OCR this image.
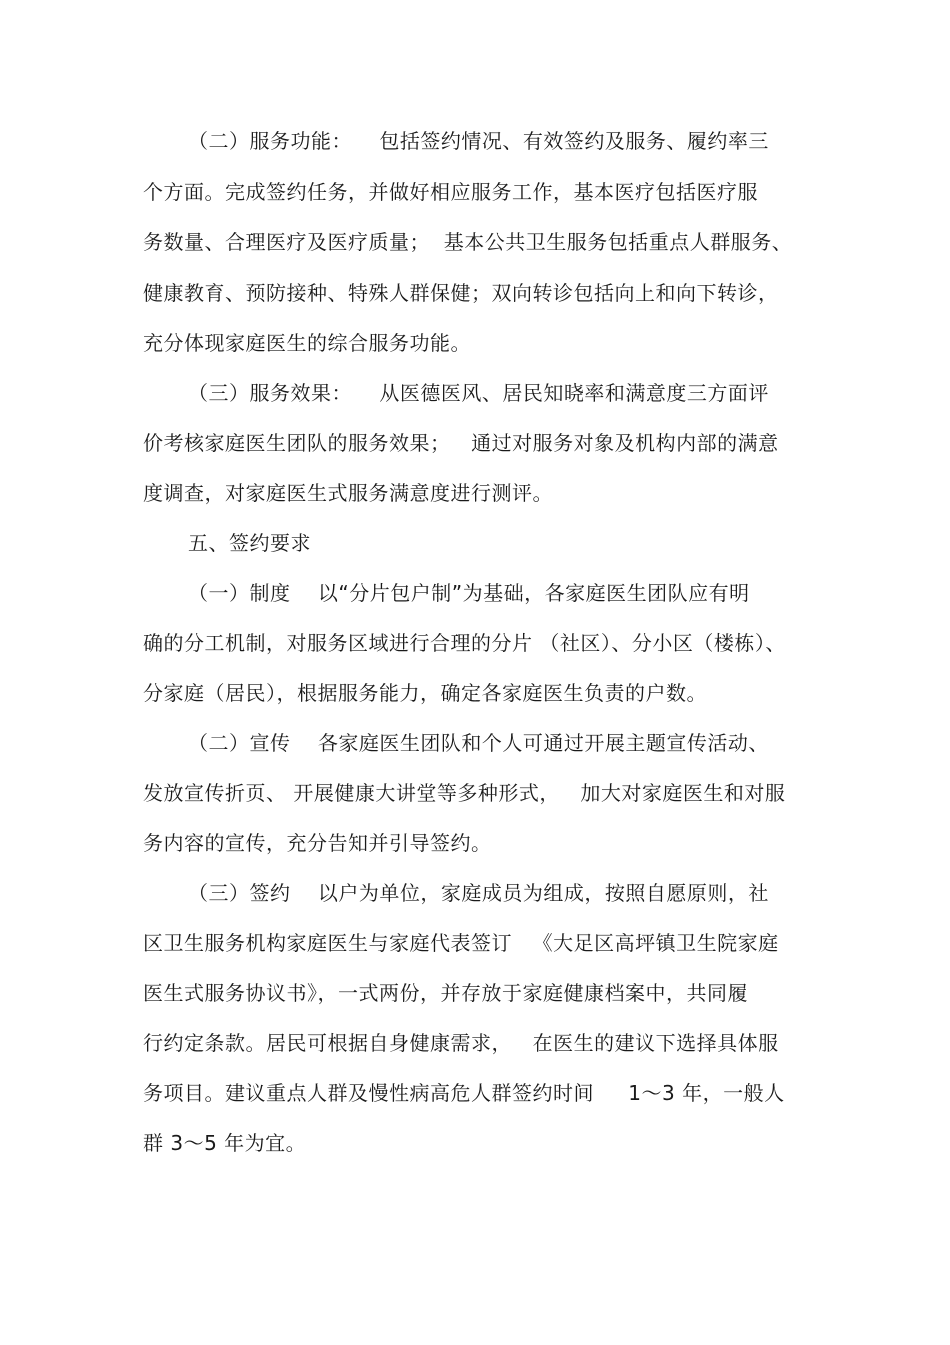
（二）服务功能：    包括签约情况、有效签约及服务、履约率三
个方面。完成签约任务，并做好相应服务工作，基本医疗包括医疗服
务数量、合理医疗及医疗质量；  基本公共卫生服务包括重点人群服务、
健康教育、预防接种、特殊人群保健；双向转诊包括向上和向下转诊，
充分体现家庭医生的综合服务功能。
（三）服务效果：    从医德医风、居民知晓率和满意度三方面评
价考核家庭医生团队的服务效果；   通过对服务对象及机构内部的满意
度调查，对家庭医生式服务满意度进行测评。
五、签约要求
（一）制度    以“分片包户制”为基础，各家庭医生团队应有明
确的分工机制，对服务区域进行合理的分片 （社区）、分小区（楼栋）、
分家庭（居民），根据服务能力，确定各家庭医生负责的户数。
（二）宣传    各家庭医生团队和个人可通过开展主题宣传活动、
发放宣传折页、 开展健康大讲堂等多种形式，   加大对家庭医生和对服
务内容的宣传，充分告知并引导签约。
（三）签约    以户为单位，家庭成员为组成，按照自愿原则，社
区卫生服务机构家庭医生与家庭代表签订   《大足区高坪镇卫生院家庭
医生式服务协议书》，一式两份，并存放于家庭健康档案中，共同履
行约定条款。居民可根据自身健康需求，   在医生的建议下选择具体服
务项目。建议重点人群及慢性病高危人群签约时间     1～3 年，一般人
群 3～5 年为宜。
